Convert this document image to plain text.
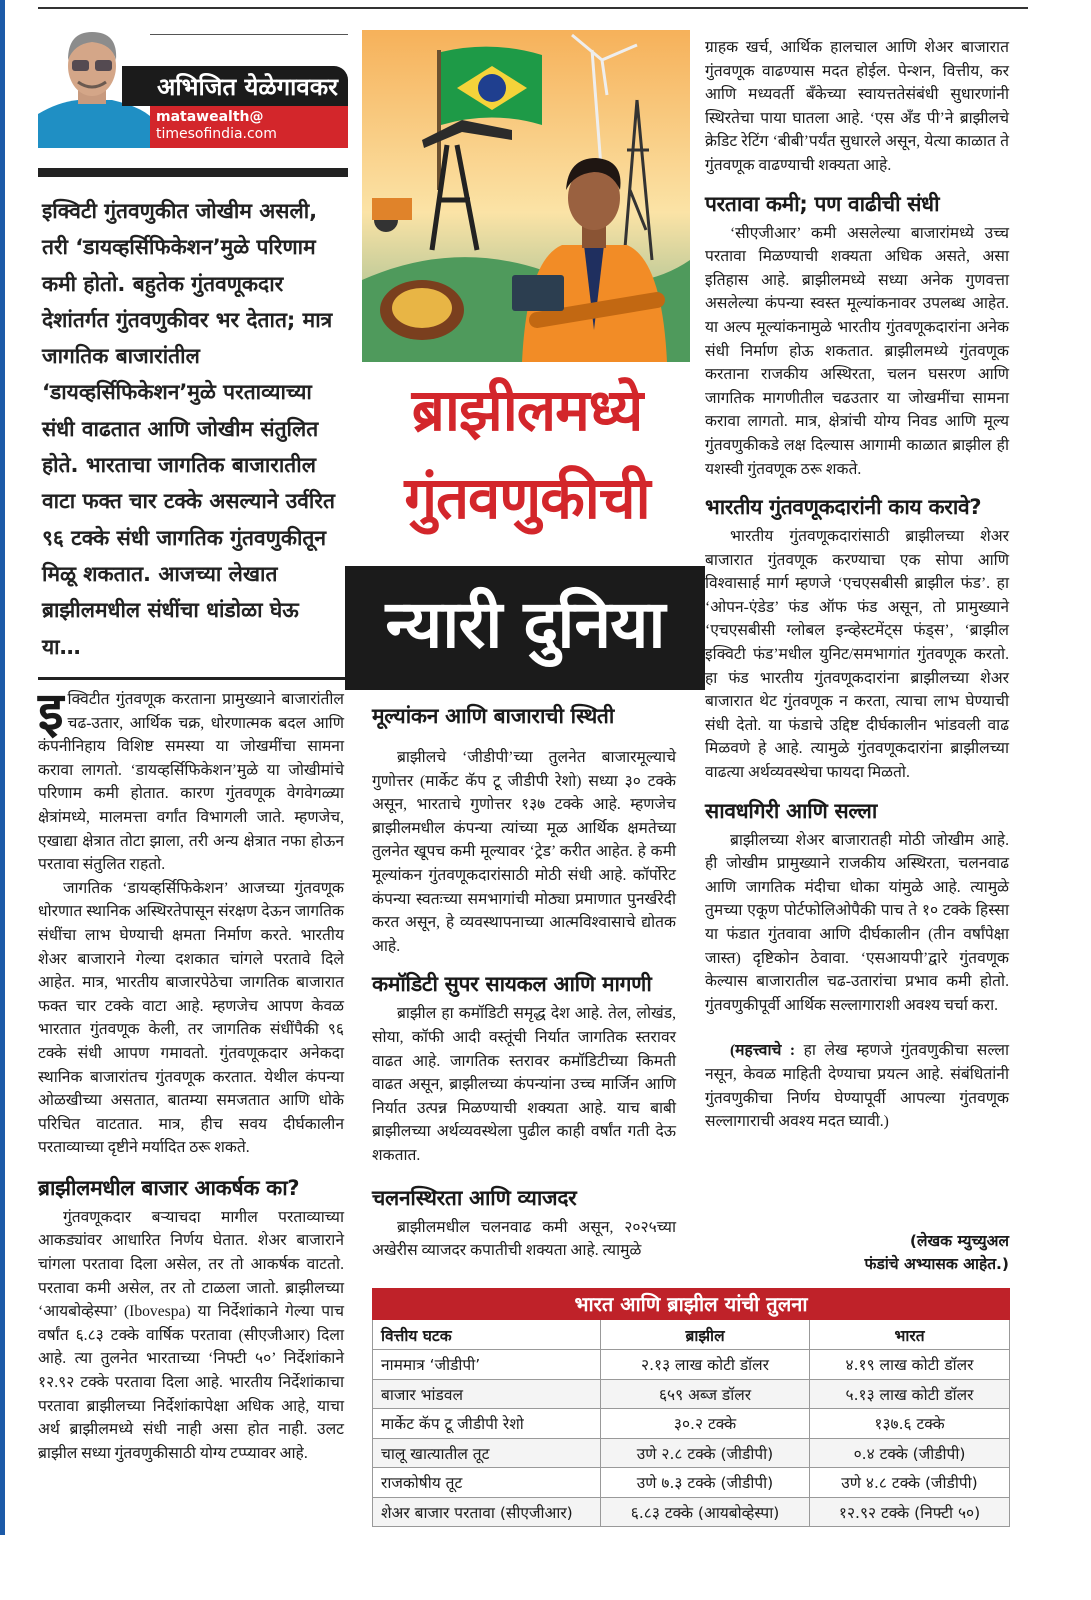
अभिजित येळेगावकर
matawealth@
timesofindia.com
इक्विटी गुंतवणुकीत जोखीम असली, तरी ‘डायव्हर्सिफिकेशन’मुळे परिणाम कमी होतो. बहुतेक गुंतवणूकदार देशांतर्गत गुंतवणुकीवर भर देतात; मात्र जागतिक बाजारांतील ‘डायव्हर्सिफिकेशन’मुळे परताव्याच्या संधी वाढतात आणि जोखीम संतुलित होते. भारताचा जागतिक बाजारातील वाटा फक्त चार टक्के असल्याने उर्वरित ९६ टक्के संधी जागतिक गुंतवणुकीतून मिळू शकतात. आजच्या लेखात ब्राझीलमधील संधींचा धांडोळा घेऊ या…
ब्राझीलमध्ये
गुंतवणुकीची
न्यारी दुनिया

इक्विटीत गुंतवणूक करताना प्रामुख्याने बाजारांतील चढ-उतार, आर्थिक चक्र, धोरणात्मक बदल आणि कंपनीनिहाय विशिष्ट समस्या या जोखमींचा सामना करावा लागतो. ‘डायव्हर्सिफिकेशन’मुळे या जोखीमांचे परिणाम कमी होतात. कारण गुंतवणूक वेगवेगळ्या क्षेत्रांमध्ये, मालमत्ता वर्गांत विभागली जाते. म्हणजेच, एखाद्या क्षेत्रात तोटा झाला, तरी अन्य क्षेत्रात नफा होऊन परतावा संतुलित राहतो.

जागतिक ‘डायव्हर्सिफिकेशन’ आजच्या गुंतवणूक धोरणात स्थानिक अस्थिरतेपासून संरक्षण देऊन जागतिक संधींचा लाभ घेण्याची क्षमता निर्माण करते. भारतीय शेअर बाजाराने गेल्या दशकात चांगले परतावे दिले आहेत. मात्र, भारतीय बाजारपेठेचा जागतिक बाजारात फक्त चार टक्के वाटा आहे. म्हणजेच आपण केवळ भारतात गुंतवणूक केली, तर जागतिक संधींपैकी ९६ टक्के संधी आपण गमावतो. गुंतवणूकदार अनेकदा स्थानिक बाजारांतच गुंतवणूक करतात. येथील कंपन्या ओळखीच्या असतात, बातम्या समजतात आणि धोके परिचित वाटतात. मात्र, हीच सवय दीर्घकालीन परताव्याच्या दृष्टीने मर्यादित ठरू शकते.

ब्राझीलमधील बाजार आकर्षक का?

गुंतवणूकदार बऱ्याचदा मागील परताव्याच्या आकड्यांवर आधारित निर्णय घेतात. शेअर बाजाराने चांगला परतावा दिला असेल, तर तो आकर्षक वाटतो. परतावा कमी असेल, तर तो टाळला जातो. ब्राझीलच्या ‘आयबोव्हेस्पा’ (Ibovespa) या निर्देशांकाने गेल्या पाच वर्षांत ६.८३ टक्के वार्षिक परतावा (सीएजीआर) दिला आहे. त्या तुलनेत भारताच्या ‘निफ्टी ५०’ निर्देशांकाने १२.९२ टक्के परतावा दिला आहे. भारतीय निर्देशांकाचा परतावा ब्राझीलच्या निर्देशांकापेक्षा अधिक आहे, याचा अर्थ ब्राझीलमध्ये संधी नाही असा होत नाही. उलट ब्राझील सध्या गुंतवणुकीसाठी योग्य टप्प्यावर आहे.

मूल्यांकन आणि बाजाराची स्थिती

ब्राझीलचे ‘जीडीपी’च्या तुलनेत बाजारमूल्याचे गुणोत्तर (मार्केट कॅप टू जीडीपी रेशो) सध्या ३० टक्के असून, भारताचे गुणोत्तर १३७ टक्के आहे. म्हणजेच ब्राझीलमधील कंपन्या त्यांच्या मूळ आर्थिक क्षमतेच्या तुलनेत खूपच कमी मूल्यावर ‘ट्रेड’ करीत आहेत. हे कमी मूल्यांकन गुंतवणूकदारांसाठी मोठी संधी आहे. कॉर्पोरेट कंपन्या स्वतःच्या समभागांची मोठ्या प्रमाणात पुनर्खरेदी करत असून, हे व्यवस्थापनाच्या आत्मविश्वासाचे द्योतक आहे.

कमॉडिटी सुपर सायकल आणि मागणी

ब्राझील हा कमॉडिटी समृद्ध देश आहे. तेल, लोखंड, सोया, कॉफी आदी वस्तूंची निर्यात जागतिक स्तरावर वाढत आहे. जागतिक स्तरावर कमॉडिटीच्या किमती वाढत असून, ब्राझीलच्या कंपन्यांना उच्च मार्जिन आणि निर्यात उत्पन्न मिळण्याची शक्यता आहे. याच बाबी ब्राझीलच्या अर्थव्यवस्थेला पुढील काही वर्षांत गती देऊ शकतात.

चलनस्थिरता आणि व्याजदर

ब्राझीलमधील चलनवाढ कमी असून, २०२५च्या अखेरीस व्याजदर कपातीची शक्यता आहे. त्यामुळे

ग्राहक खर्च, आर्थिक हालचाल आणि शेअर बाजारात गुंतवणूक वाढण्यास मदत होईल. पेन्शन, वित्तीय, कर आणि मध्यवर्ती बँकेच्या स्वायत्ततेसंबंधी सुधारणांनी स्थिरतेचा पाया घातला आहे. ‘एस अँड पी’ने ब्राझीलचे क्रेडिट रेटिंग ‘बीबी’पर्यंत सुधारले असून, येत्या काळात ते गुंतवणूक वाढण्याची शक्यता आहे.

परतावा कमी; पण वाढीची संधी

‘सीएजीआर’ कमी असलेल्या बाजारांमध्ये उच्च परतावा मिळण्याची शक्यता अधिक असते, असा इतिहास आहे. ब्राझीलमध्ये सध्या अनेक गुणवत्ता असलेल्या कंपन्या स्वस्त मूल्यांकनावर उपलब्ध आहेत. या अल्प मूल्यांकनामुळे भारतीय गुंतवणूकदारांना अनेक संधी निर्माण होऊ शकतात. ब्राझीलमध्ये गुंतवणूक करताना राजकीय अस्थिरता, चलन घसरण आणि जागतिक मागणीतील चढउतार या जोखमींचा सामना करावा लागतो. मात्र, क्षेत्रांची योग्य निवड आणि मूल्य गुंतवणुकीकडे लक्ष दिल्यास आगामी काळात ब्राझील ही यशस्वी गुंतवणूक ठरू शकते.

भारतीय गुंतवणूकदारांनी काय करावे?

भारतीय गुंतवणूकदारांसाठी ब्राझीलच्या शेअर बाजारात गुंतवणूक करण्याचा एक सोपा आणि विश्वासार्ह मार्ग म्हणजे ‘एचएसबीसी ब्राझील फंड’. हा ‘ओपन-एंडेड’ फंड ऑफ फंड असून, तो प्रामुख्याने ‘एचएसबीसी ग्लोबल इन्व्हेस्टमेंट्स फंड्स’, ‘ब्राझील इक्विटी फंड’मधील युनिट/समभागांत गुंतवणूक करतो. हा फंड भारतीय गुंतवणूकदारांना ब्राझीलच्या शेअर बाजारात थेट गुंतवणूक न करता, त्याचा लाभ घेण्याची संधी देतो. या फंडाचे उद्दिष्ट दीर्घकालीन भांडवली वाढ मिळवणे हे आहे. त्यामुळे गुंतवणूकदारांना ब्राझीलच्या वाढत्या अर्थव्यवस्थेचा फायदा मिळतो.

सावधगिरी आणि सल्ला

ब्राझीलच्या शेअर बाजारातही मोठी जोखीम आहे. ही जोखीम प्रामुख्याने राजकीय अस्थिरता, चलनवाढ आणि जागतिक मंदीचा धोका यांमुळे आहे. त्यामुळे तुमच्या एकूण पोर्टफोलिओपैकी पाच ते १० टक्के हिस्सा या फंडात गुंतवावा आणि दीर्घकालीन (तीन वर्षांपेक्षा जास्त) दृष्टिकोन ठेवावा. ‘एसआयपी’द्वारे गुंतवणूक केल्यास बाजारातील चढ-उतारांचा प्रभाव कमी होतो. गुंतवणुकीपूर्वी आर्थिक सल्लागाराशी अवश्य चर्चा करा.

(महत्त्वाचे : हा लेख म्हणजे गुंतवणुकीचा सल्ला नसून, केवळ माहिती देण्याचा प्रयत्न आहे. संबंधितांनी गुंतवणुकीचा निर्णय घेण्यापूर्वी आपल्या गुंतवणूक सल्लागाराची अवश्य मदत घ्यावी.)

(लेखक म्युच्युअल
फंडांचे अभ्यासक आहेत.)
भारत आणि ब्राझील यांची तुलना
वित्तीय घटक	ब्राझील	भारत
नाममात्र ‘जीडीपी’	२.१३ लाख कोटी डॉलर	४.१९ लाख कोटी डॉलर
बाजार भांडवल	६५९ अब्ज डॉलर	५.१३ लाख कोटी डॉलर
मार्केट कॅप टू जीडीपी रेशो	३०.२ टक्के	१३७.६ टक्के
चालू खात्यातील तूट	उणे २.८ टक्के (जीडीपी)	०.४ टक्के (जीडीपी)
राजकोषीय तूट	उणे ७.३ टक्के (जीडीपी)	उणे ४.८ टक्के (जीडीपी)
शेअर बाजार परतावा (सीएजीआर)	६.८३ टक्के (आयबोव्हेस्पा)	१२.९२ टक्के (निफ्टी ५०)
